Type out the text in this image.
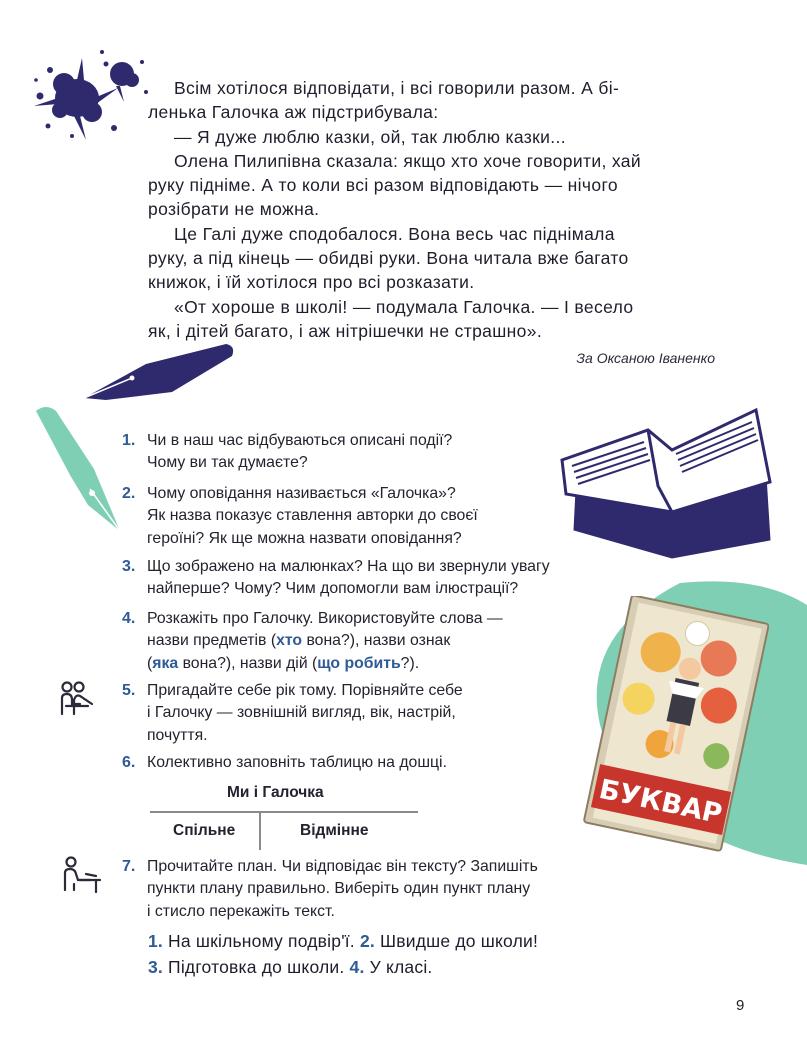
БУКВАР

Всім хотілося відповідати, і всі говорили разом. А бі-

ленька Галочка аж підстрибувала:

— Я дуже люблю казки, ой, так люблю казки...

Олена Пилипівна сказала: якщо хто хоче говорити, хай

руку підніме. А то коли всі разом відповідають — нічого

розібрати не можна.

Це Галі дуже сподобалося. Вона весь час піднімала

руку, а під кінець — обидві руки. Вона читала вже багато

книжок, і їй хотілося про всі розказати.

«От хороше в школі! — подумала Галочка. — І весело

як, і дітей багато, і аж нітрішечки не страшно».

За Оксаною Іваненко
1. Чи в наш час відбуваються описані події?
Чому ви так думаєте?
2. Чому оповідання називається «Галочка»?
Як назва показує ставлення авторки до своєї
героїні? Як ще можна назвати оповідання?
3. Що зображено на малюнках? На що ви звернули увагу
найперше? Чому? Чим допомогли вам ілюстрації?
4. Розкажіть про Галочку. Використовуйте слова —
назви предметів (хто вона?), назви ознак
(яка вона?), назви дій (що робить?).
5. Пригадайте себе рік тому. Порівняйте себе
і Галочку — зовнішній вигляд, вік, настрій,
почуття.
6. Колективно заповніть таблицю на дошці.
7. Прочитайте план. Чи відповідає він тексту? Запишіть
пункти плану правильно. Виберіть один пункт плану
і стисло перекажіть текст.
Ми і Галочка
Спільне	Відмінне
1. На шкільному подвір'ї. 2. Швидше до школи!
3. Підготовка до школи. 4. У класі.
9
